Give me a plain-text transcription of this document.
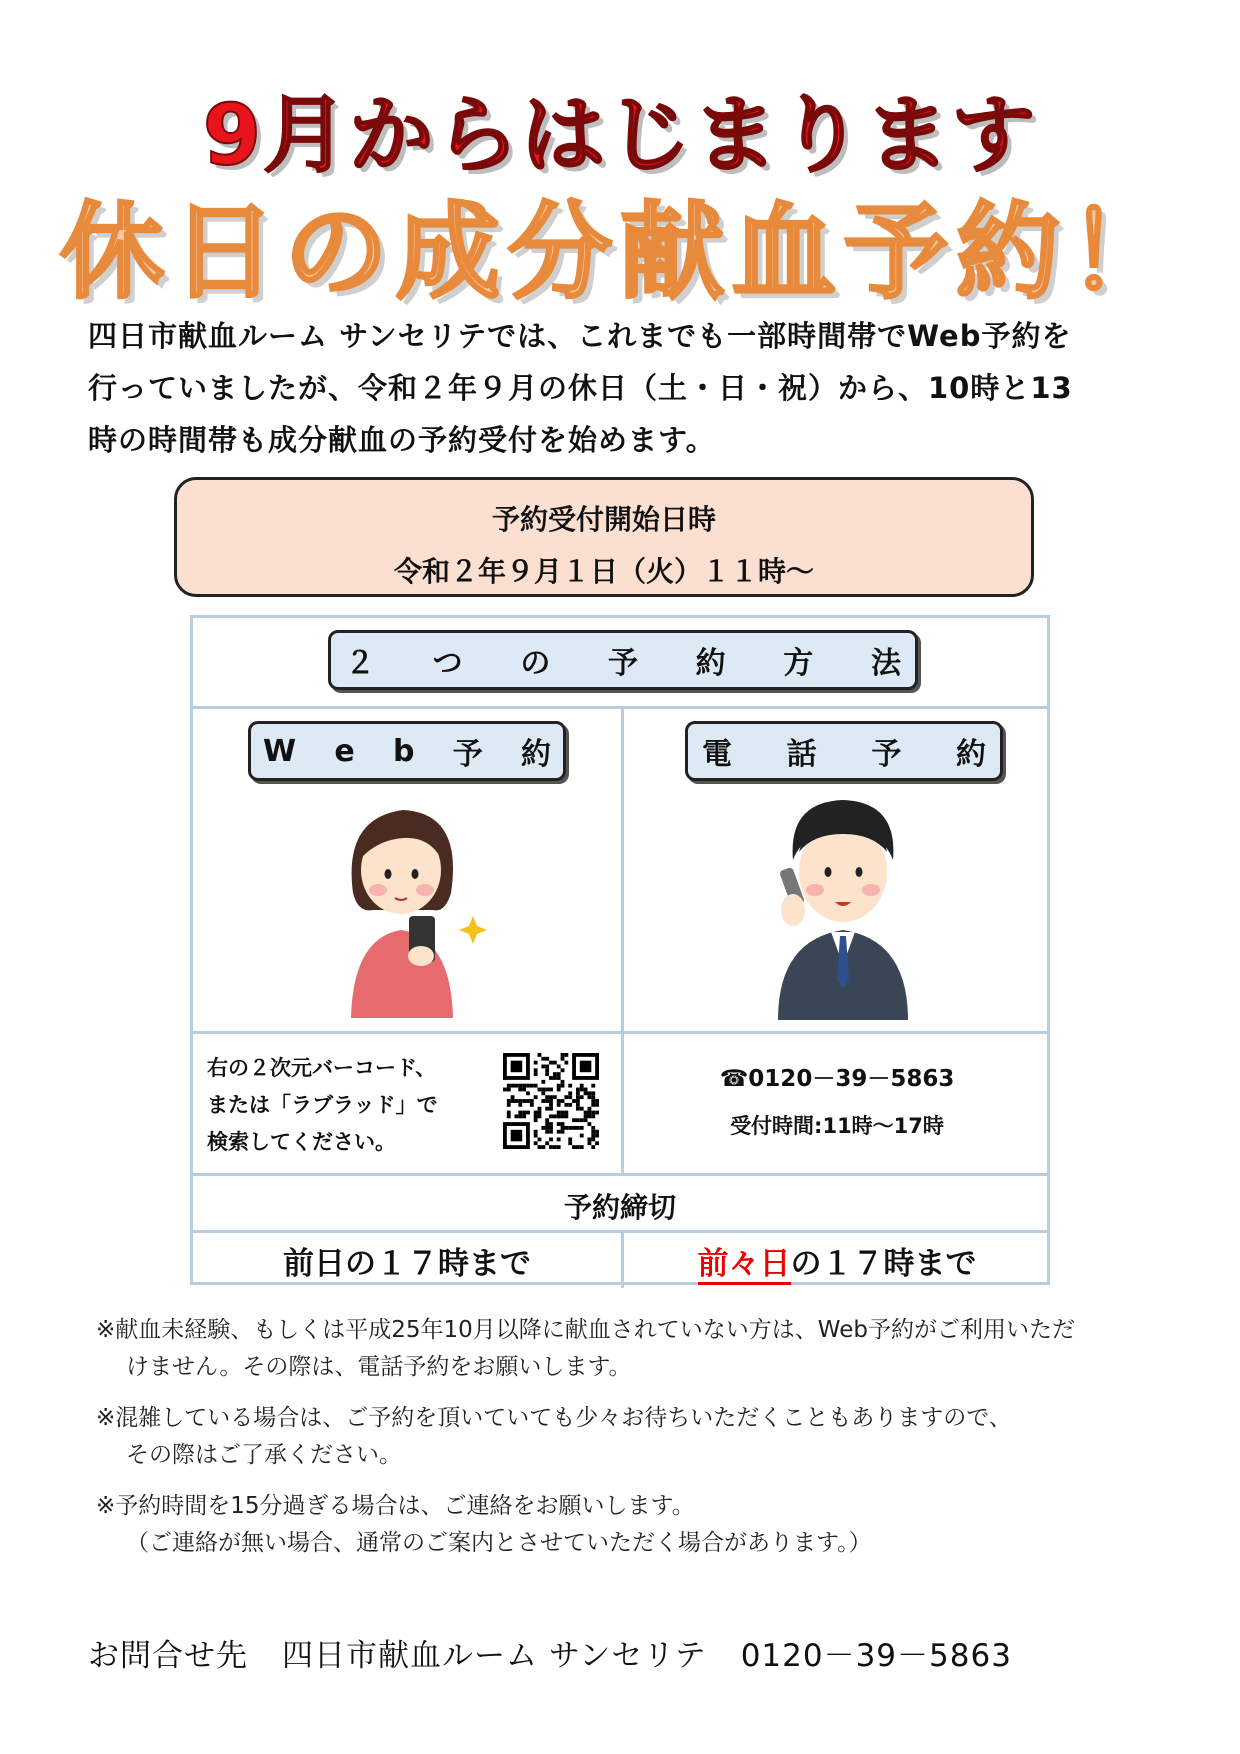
9月からはじまります
休日の成分献血予約！
四日市献血ルーム サンセリテでは、これまでも一部時間帯でWeb予約を
行っていましたが、令和２年９月の休日（土・日・祝）から、10時と13
時の時間帯も成分献血の予約受付を始めます。
予約受付開始日時
令和２年９月１日（火）１１時～
２ つ の 予 約 方 法
W e b 予 約	電 話 予 約
右の２次元バーコード、
または「ラブラッド」で
検索してください。
☎0120－39－5863
受付時間:11時～17時
予約締切
前日の１７時まで	前々日の１７時まで

※献血未経験、もしくは平成25年10月以降に献血されていない方は、Web予約がご利用いただ
けません。その際は、電話予約をお願いします。

※混雑している場合は、ご予約を頂いていても少々お待ちいただくこともありますので、
その際はご了承ください。

※予約時間を15分過ぎる場合は、ご連絡をお願いします。
（ご連絡が無い場合、通常のご案内とさせていただく場合があります。）

お問合せ先 四日市献血ルーム サンセリテ 0120－39－5863
